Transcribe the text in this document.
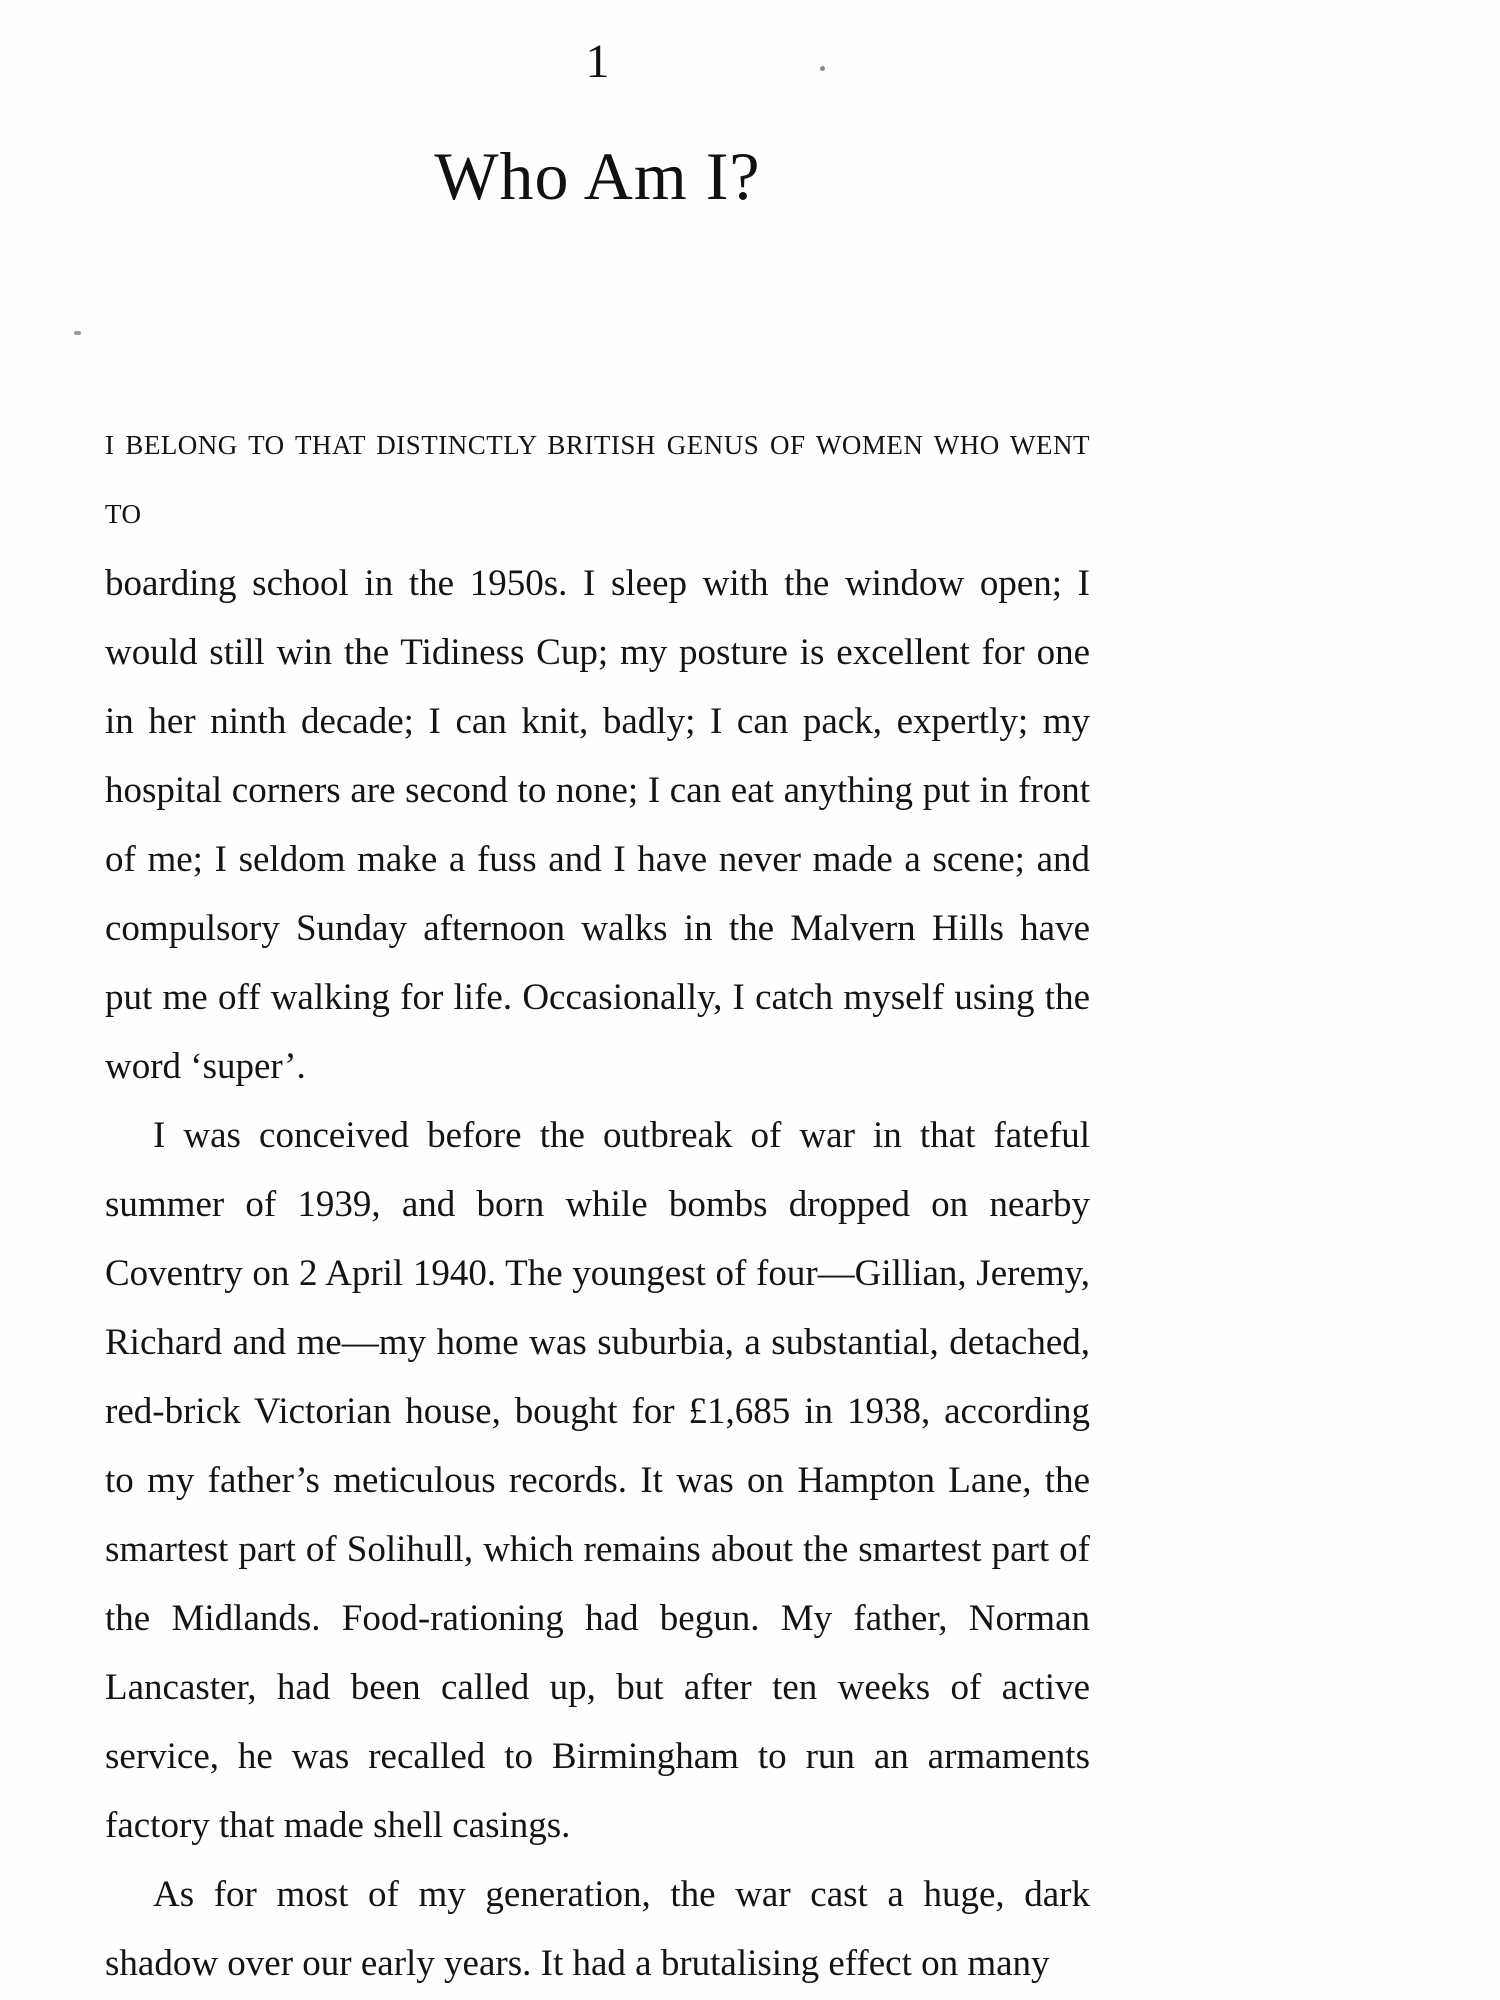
1
Who Am I?

I BELONG TO THAT DISTINCTLY BRITISH GENUS OF WOMEN WHO WENT TO
boarding school in the 1950s. I sleep with the window open; I would still win the Tidiness Cup; my posture is excellent for one in her ninth decade; I can knit, badly; I can pack, expertly; my hospital corners are second to none; I can eat anything put in front of me; I seldom make a fuss and I have never made a scene; and compulsory Sunday afternoon walks in the Malvern Hills have put me off walking for life. Occasionally, I catch myself using the word ‘super’.

I was conceived before the outbreak of war in that fateful summer of 1939, and born while bombs dropped on nearby Coventry on 2 April 1940. The youngest of four—Gillian, Jeremy, Richard and me—my home was suburbia, a substantial, detached, red-brick Victorian house, bought for £1,685 in 1938, according to my father’s meticulous records. It was on Hampton Lane, the smartest part of Solihull, which remains about the smartest part of the Midlands. Food-rationing had begun. My father, Norman Lancaster, had been called up, but after ten weeks of active service, he was recalled to Birmingham to run an armaments factory that made shell casings.

As for most of my generation, the war cast a huge, dark shadow over our early years. It had a brutalising effect on many
